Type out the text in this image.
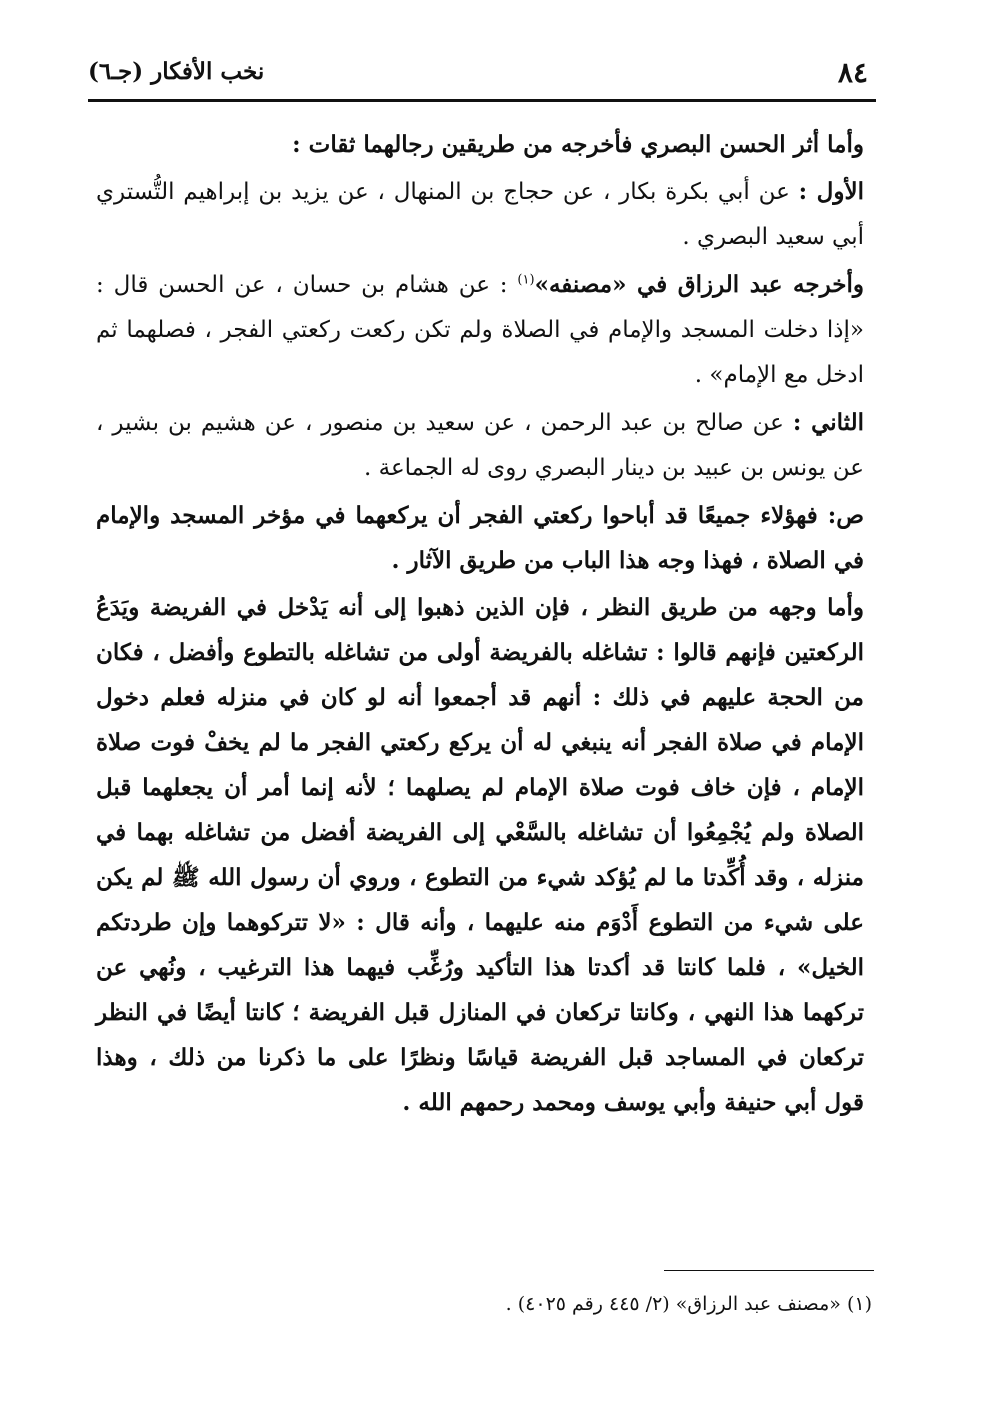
٨٤
نخب الأفكار (جـ٦)

وأما أثر الحسن البصري فأخرجه من طريقين رجالهما ثقات :

الأول : عن أبي بكرة بكار ، عن حجاج بن المنهال ، عن يزيد بن إبراهيم التُّستري أبي سعيد البصري .

وأخرجه عبد الرزاق في «مصنفه»$^{(١)}$ : عن هشام بن حسان ، عن الحسن قال : «إذا دخلت المسجد والإمام في الصلاة ولم تكن ركعت ركعتي الفجر ، فصلهما ثم ادخل مع الإمام» .

الثاني : عن صالح بن عبد الرحمن ، عن سعيد بن منصور ، عن هشيم بن بشير ، عن يونس بن عبيد بن دينار البصري روى له الجماعة .

ص: فهؤلاء جميعًا قد أباحوا ركعتي الفجر أن يركعهما في مؤخر المسجد والإمام في الصلاة ، فهذا وجه هذا الباب من طريق الآثار .

وأما وجهه من طريق النظر ، فإن الذين ذهبوا إلى أنه يَدْخل في الفريضة ويَدَعُ الركعتين فإنهم قالوا : تشاغله بالفريضة أولى من تشاغله بالتطوع وأفضل ، فكان من الحجة عليهم في ذلك : أنهم قد أجمعوا أنه لو كان في منزله فعلم دخول الإمام في صلاة الفجر أنه ينبغي له أن يركع ركعتي الفجر ما لم يخفْ فوت صلاة الإمام ، فإن خاف فوت صلاة الإمام لم يصلهما ؛ لأنه إنما أمر أن يجعلهما قبل الصلاة ولم يُجْمِعُوا أن تشاغله بالسَّعْي إلى الفريضة أفضل من تشاغله بهما في منزله ، وقد أُكِّدتا ما لم يُؤكد شيء من التطوع ، وروي أن رسول الله ﷺ لم يكن على شيء من التطوع أَدْوَم منه عليهما ، وأنه قال : «لا تتركوهما وإن طردتكم الخيل» ، فلما كانتا قد أكدتا هذا التأكيد ورُغِّب فيهما هذا الترغيب ، ونُهي عن تركهما هذا النهي ، وكانتا تركعان في المنازل قبل الفريضة ؛ كانتا أيضًا في النظر تركعان في المساجد قبل الفريضة قياسًا ونظرًا على ما ذكرنا من ذلك ، وهذا قول أبي حنيفة وأبي يوسف ومحمد رحمهم الله .

(١) «مصنف عبد الرزاق» (٢/ ٤٤٥ رقم ٤٠٢٥) .
